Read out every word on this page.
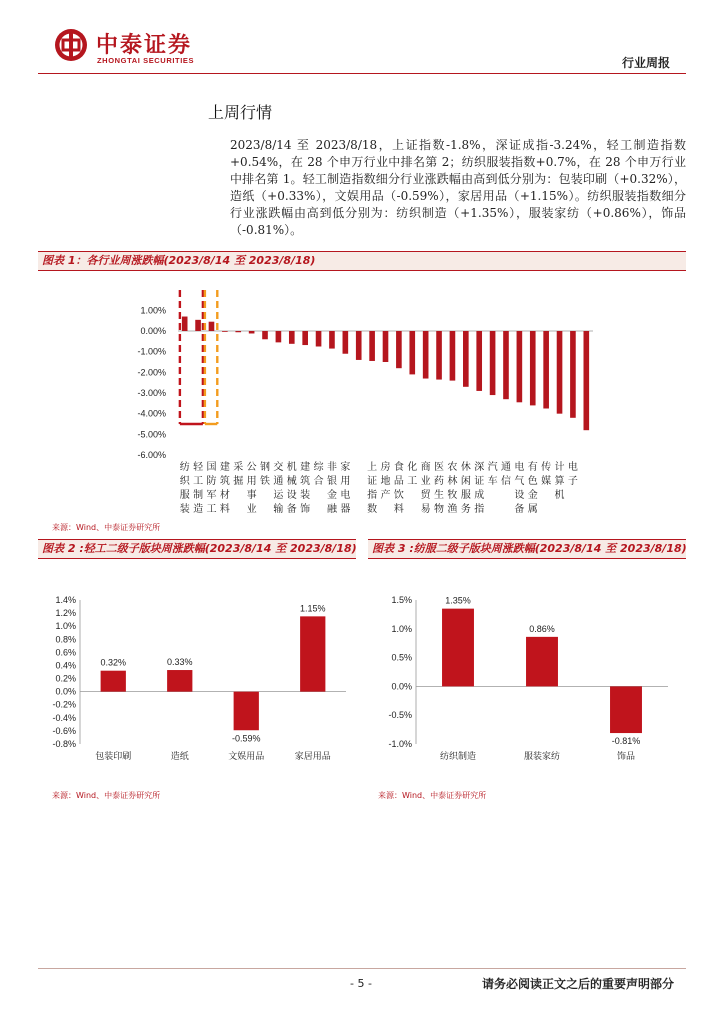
中泰证券
ZHONGTAI SECURITIES	行业周报
上周行情
2023/8/14 至 2023/8/18，上证指数-1.8%，深证成指-3.24%，轻工制造指数+0.54%，在 28 个申万行业中排名第 2；纺织服装指数+0.7%，在 28 个申万行业中排名第 1。轻工制造指数细分行业涨跌幅由高到低分别为：包装印刷（+0.32%），造纸（+0.33%），文娱用品（-0.59%），家居用品（+1.15%）。纺织服装指数细分行业涨跌幅由高到低分别为：纺织制造（+1.35%），服装家纺（+0.86%），饰品（-0.81%）。
图表 1：各行业周涨跌幅(2023/8/14 至 2023/8/18)
1.00%
0.00%
-1.00%
-2.00%
-3.00%
-4.00%
-5.00%
-6.00%
纺织服装
轻工制造
国防军工
建筑材料
采掘
公用事业
钢铁
交通运输
机械设备
建筑装饰
综合
非银金融
家用电器
上证指数
房地产
食品饮料
化工
商业贸易
医药生物
农林牧渔
休闲服务
深证成指
汽车
通信
电气设备
有色金属
传媒
计算机
电子
来源：Wind、中泰证券研究所
图表 2 :轻工二级子版块周涨跌幅(2023/8/14 至 2023/8/18)
1.4%
1.2%
1.0%
0.8%
0.6%
0.4%
0.2%
0.0%
-0.2%
-0.4%
-0.6%
-0.8%
0.32%
包装印刷
0.33%
造纸
-0.59%
文娱用品
1.15%
家居用品
来源：Wind、中泰证券研究所
图表 3 :纺服二级子版块周涨跌幅(2023/8/14 至 2023/8/18)
1.5%
1.0%
0.5%
0.0%
-0.5%
-1.0%
1.35%
纺织制造
0.86%
服装家纺
-0.81%
饰品
来源：Wind、中泰证券研究所
- 5 -	请务必阅读正文之后的重要声明部分
